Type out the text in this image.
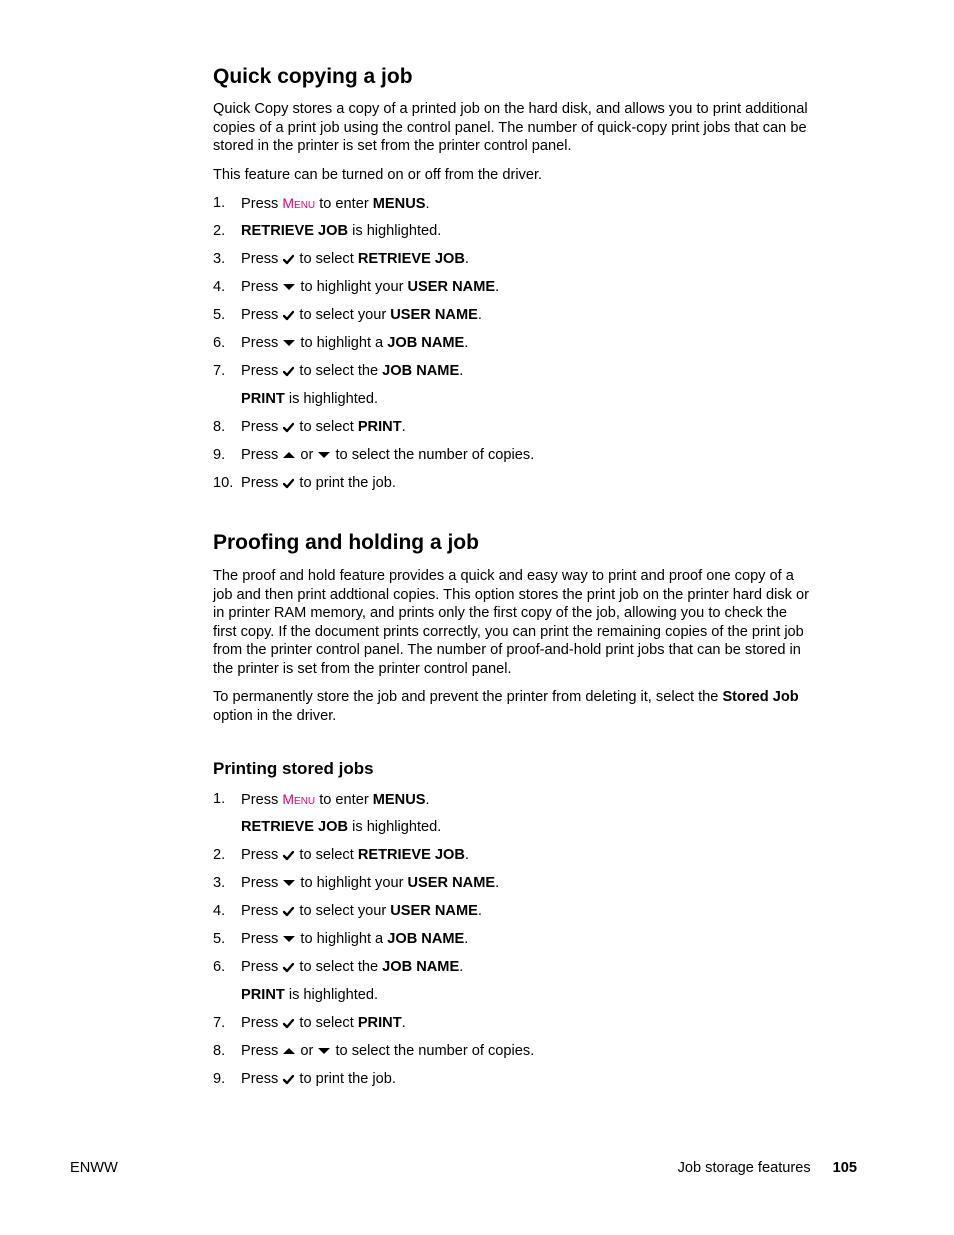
Quick copying a job
Quick Copy stores a copy of a printed job on the hard disk, and allows you to print additional
copies of a print job using the control panel. The number of quick-copy print jobs that can be
stored in the printer is set from the printer control panel.
This feature can be turned on or off from the driver.
1. Press MENU to enter MENUS.
2. RETRIEVE JOB is highlighted.
3. Press
to select RETRIEVE JOB.
4. Press
to highlight your USER NAME.
5. Press
to select your USER NAME.
6. Press
to highlight a JOB NAME.
7. Press
to select the JOB NAME.
PRINT is highlighted.
8. Press
to select PRINT.
9. Press
or
to select the number of copies.
10. Press
to print the job.
Proofing and holding a job
The proof and hold feature provides a quick and easy way to print and proof one copy of a
job and then print addtional copies. This option stores the print job on the printer hard disk or
in printer RAM memory, and prints only the first copy of the job, allowing you to check the
first copy. If the document prints correctly, you can print the remaining copies of the print job
from the printer control panel. The number of proof-and-hold print jobs that can be stored in
the printer is set from the printer control panel.
To permanently store the job and prevent the printer from deleting it, select the Stored Job
option in the driver.
Printing stored jobs
1. Press MENU to enter MENUS.
RETRIEVE JOB is highlighted.
2. Press
to select RETRIEVE JOB.
3. Press
to highlight your USER NAME.
4. Press
to select your USER NAME.
5. Press
to highlight a JOB NAME.
6. Press
to select the JOB NAME.
PRINT is highlighted.
7. Press
to select PRINT.
8. Press
or
to select the number of copies.
9. Press
to print the job.
ENWW	Job storage features 105
